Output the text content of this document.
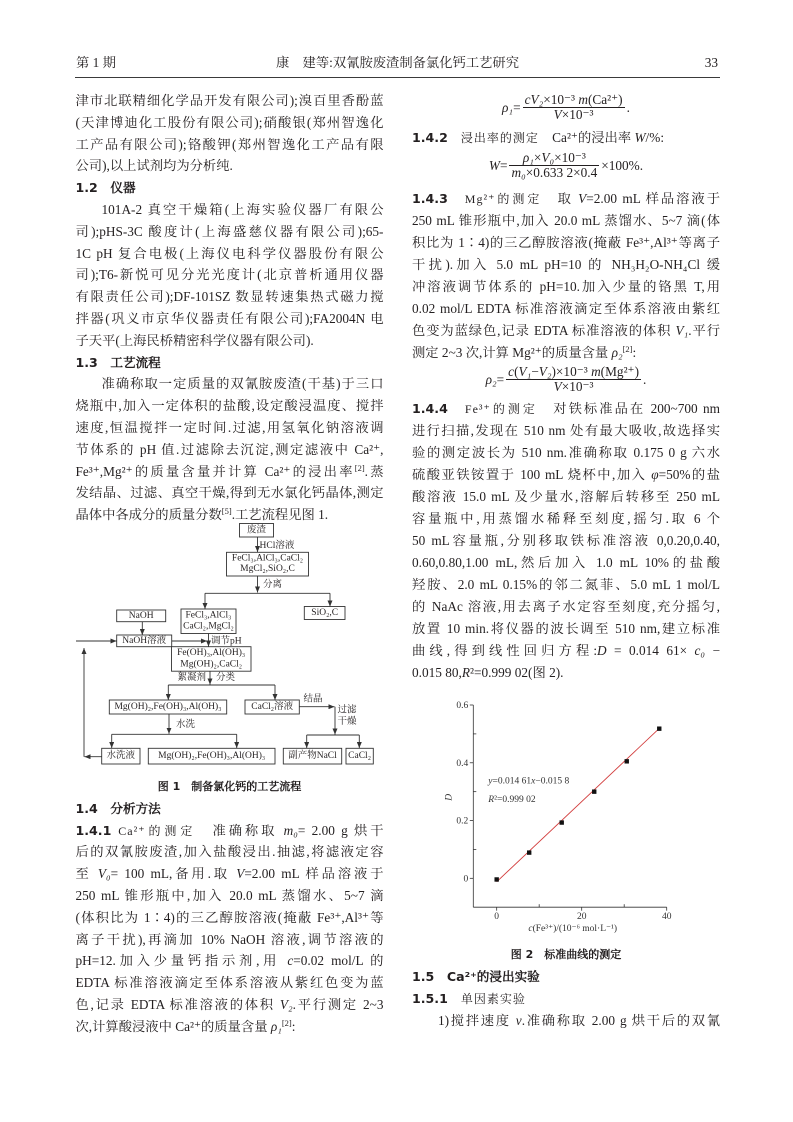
第 1 期	康　建等:双氰胺废渣制备氯化钙工艺研究	33
津市北联精细化学品开发有限公司);溴百里香酚蓝
(天津博迪化工股份有限公司);硝酸银(郑州智逸化
工产品有限公司);铬酸钾(郑州智逸化工产品有限
公司),以上试剂均为分析纯.
1.2　仪器
101A-2 真空干燥箱(上海实验仪器厂有限公
司);pHS-3C 酸度计(上海盛慈仪器有限公司);65-
1C pH 复合电极(上海仪电科学仪器股份有限公
司);T6-新悦可见分光光度计(北京普析通用仪器
有限责任公司);DF-101SZ 数显转速集热式磁力搅
拌器(巩义市京华仪器责任有限公司);FA2004N 电
子天平(上海民桥精密科学仪器有限公司).
1.3　工艺流程
准确称取一定质量的双氰胺废渣(干基)于三口
烧瓶中,加入一定体积的盐酸,设定酸浸温度、搅拌
速度,恒温搅拌一定时间.过滤,用氢氧化钠溶液调
节体系的 pH 值.过滤除去沉淀,测定滤液中 Ca²⁺,
Fe³⁺,Mg²⁺的质量含量并计算 Ca²⁺的浸出率[2].蒸
发结晶、过滤、真空干燥,得到无水氯化钙晶体,测定
晶体中各成分的质量分数[5].工艺流程见图 1.
废渣
HCl溶液
FeCl₃,AlCl₃,CaCl₂
MgCl₂,SiO₂,C
分离
FeCl₃,AlCl₃
CaCl₂,MgCl₂
SiO₂,C
NaOH
NaOH溶液	调节pH
Fe(OH)₃,Al(OH)₃
Mg(OH)₂,CaCl₂
絮凝剂 分类
Mg(OH)₂,Fe(OH)₃,Al(OH)₃	CaCl₂溶液
结晶
过滤
干燥
副产物NaCl CaCl₂
水洗
水洗液 Mg(OH)₂,Fe(OH)₃,Al(OH)₃
图 1　制备氯化钙的工艺流程
1.4　分析方法
1.4.1 Ca²⁺的测定　准确称取 m₀= 2.00 g 烘干
后的双氰胺废渣,加入盐酸浸出.抽滤,将滤液定容
至 V₀= 100 mL,备用.取 V=2.00 mL 样品溶液于
250 mL 锥形瓶中,加入 20.0 mL 蒸馏水、5~7 滴
(体积比为 1∶4)的三乙醇胺溶液(掩蔽 Fe³⁺,Al³⁺等
离子干扰),再滴加 10% NaOH 溶液,调节溶液的
pH=12.加入少量钙指示剂,用 c=0.02 mol/L 的
EDTA 标准溶液滴定至体系溶液从紫红色变为蓝
色,记录 EDTA 标准溶液的体积 V₂.平行测定 2~3
次,计算酸浸液中 Ca²⁺的质量含量 ρ₁[2]:
$\rho_1= \frac{\text{cV₂×10⁻³ m(Ca²⁺)}}{\text{V×10⁻³}}$ .
1.4.2　浸出率的测定　Ca²⁺的浸出率 W/%:
$W= \frac{\text{ρ₁×V₀×10⁻³}}{\text{m₀×0.633 2×0.4}} \times 100\%$.
1.4.3　Mg²⁺的测定　取 V=2.00 mL 样品溶液于
250 mL 锥形瓶中,加入 20.0 mL 蒸馏水、5~7 滴(体
积比为 1∶4)的三乙醇胺溶液(掩蔽 Fe³⁺,Al³⁺等离子
干扰).加入 5.0 mL pH=10 的 NH₃H₂O-NH₄Cl 缓
冲溶液调节体系的 pH=10.加入少量的铬黑 T,用
0.02 mol/L EDTA 标准溶液滴定至体系溶液由紫红
色变为蓝绿色,记录 EDTA 标准溶液的体积 V₁.平行
测定 2~3 次,计算 Mg²⁺的质量含量 ρ₂[2]:
$\rho_2= \frac{\text{c(V₁−V₂)×10⁻³ m(Mg²⁺)}}{\text{V×10⁻³}}$ .
1.4.4　Fe³⁺的测定　对铁标准品在 200~700 nm
进行扫描,发现在 510 nm 处有最大吸收,故选择实
验的测定波长为 510 nm.准确称取 0.175 0 g 六水
硫酸亚铁铵置于 100 mL 烧杯中,加入 φ=50%的盐
酸溶液 15.0 mL 及少量水,溶解后转移至 250 mL
容量瓶中,用蒸馏水稀释至刻度,摇匀.取 6 个
50 mL容量瓶,分别移取铁标准溶液 0,0.20,0.40,
0.60,0.80,1.00 mL,然后加入 1.0 mL 10%的盐酸
羟胺、2.0 mL 0.15%的邻二氮菲、5.0 mL 1 mol/L
的 NaAc 溶液,用去离子水定容至刻度,充分摇匀,
放置 10 min.将仪器的波长调至 510 nm,建立标准
曲线,得到线性回归方程:D = 0.014 61× c₀ −
0.015 80,R²=0.999 02(图 2).
0
0.2
0.4
0.6
0	20	40
y=0.014 61x−0.015 8
R²=0.999 02
D
c(Fe³⁺)/(10⁻⁶ mol·L⁻¹)
图 2　标准曲线的测定
1.5　Ca²⁺的浸出实验
1.5.1　单因素实验
1)搅拌速度 v.准确称取 2.00 g 烘干后的双氰
